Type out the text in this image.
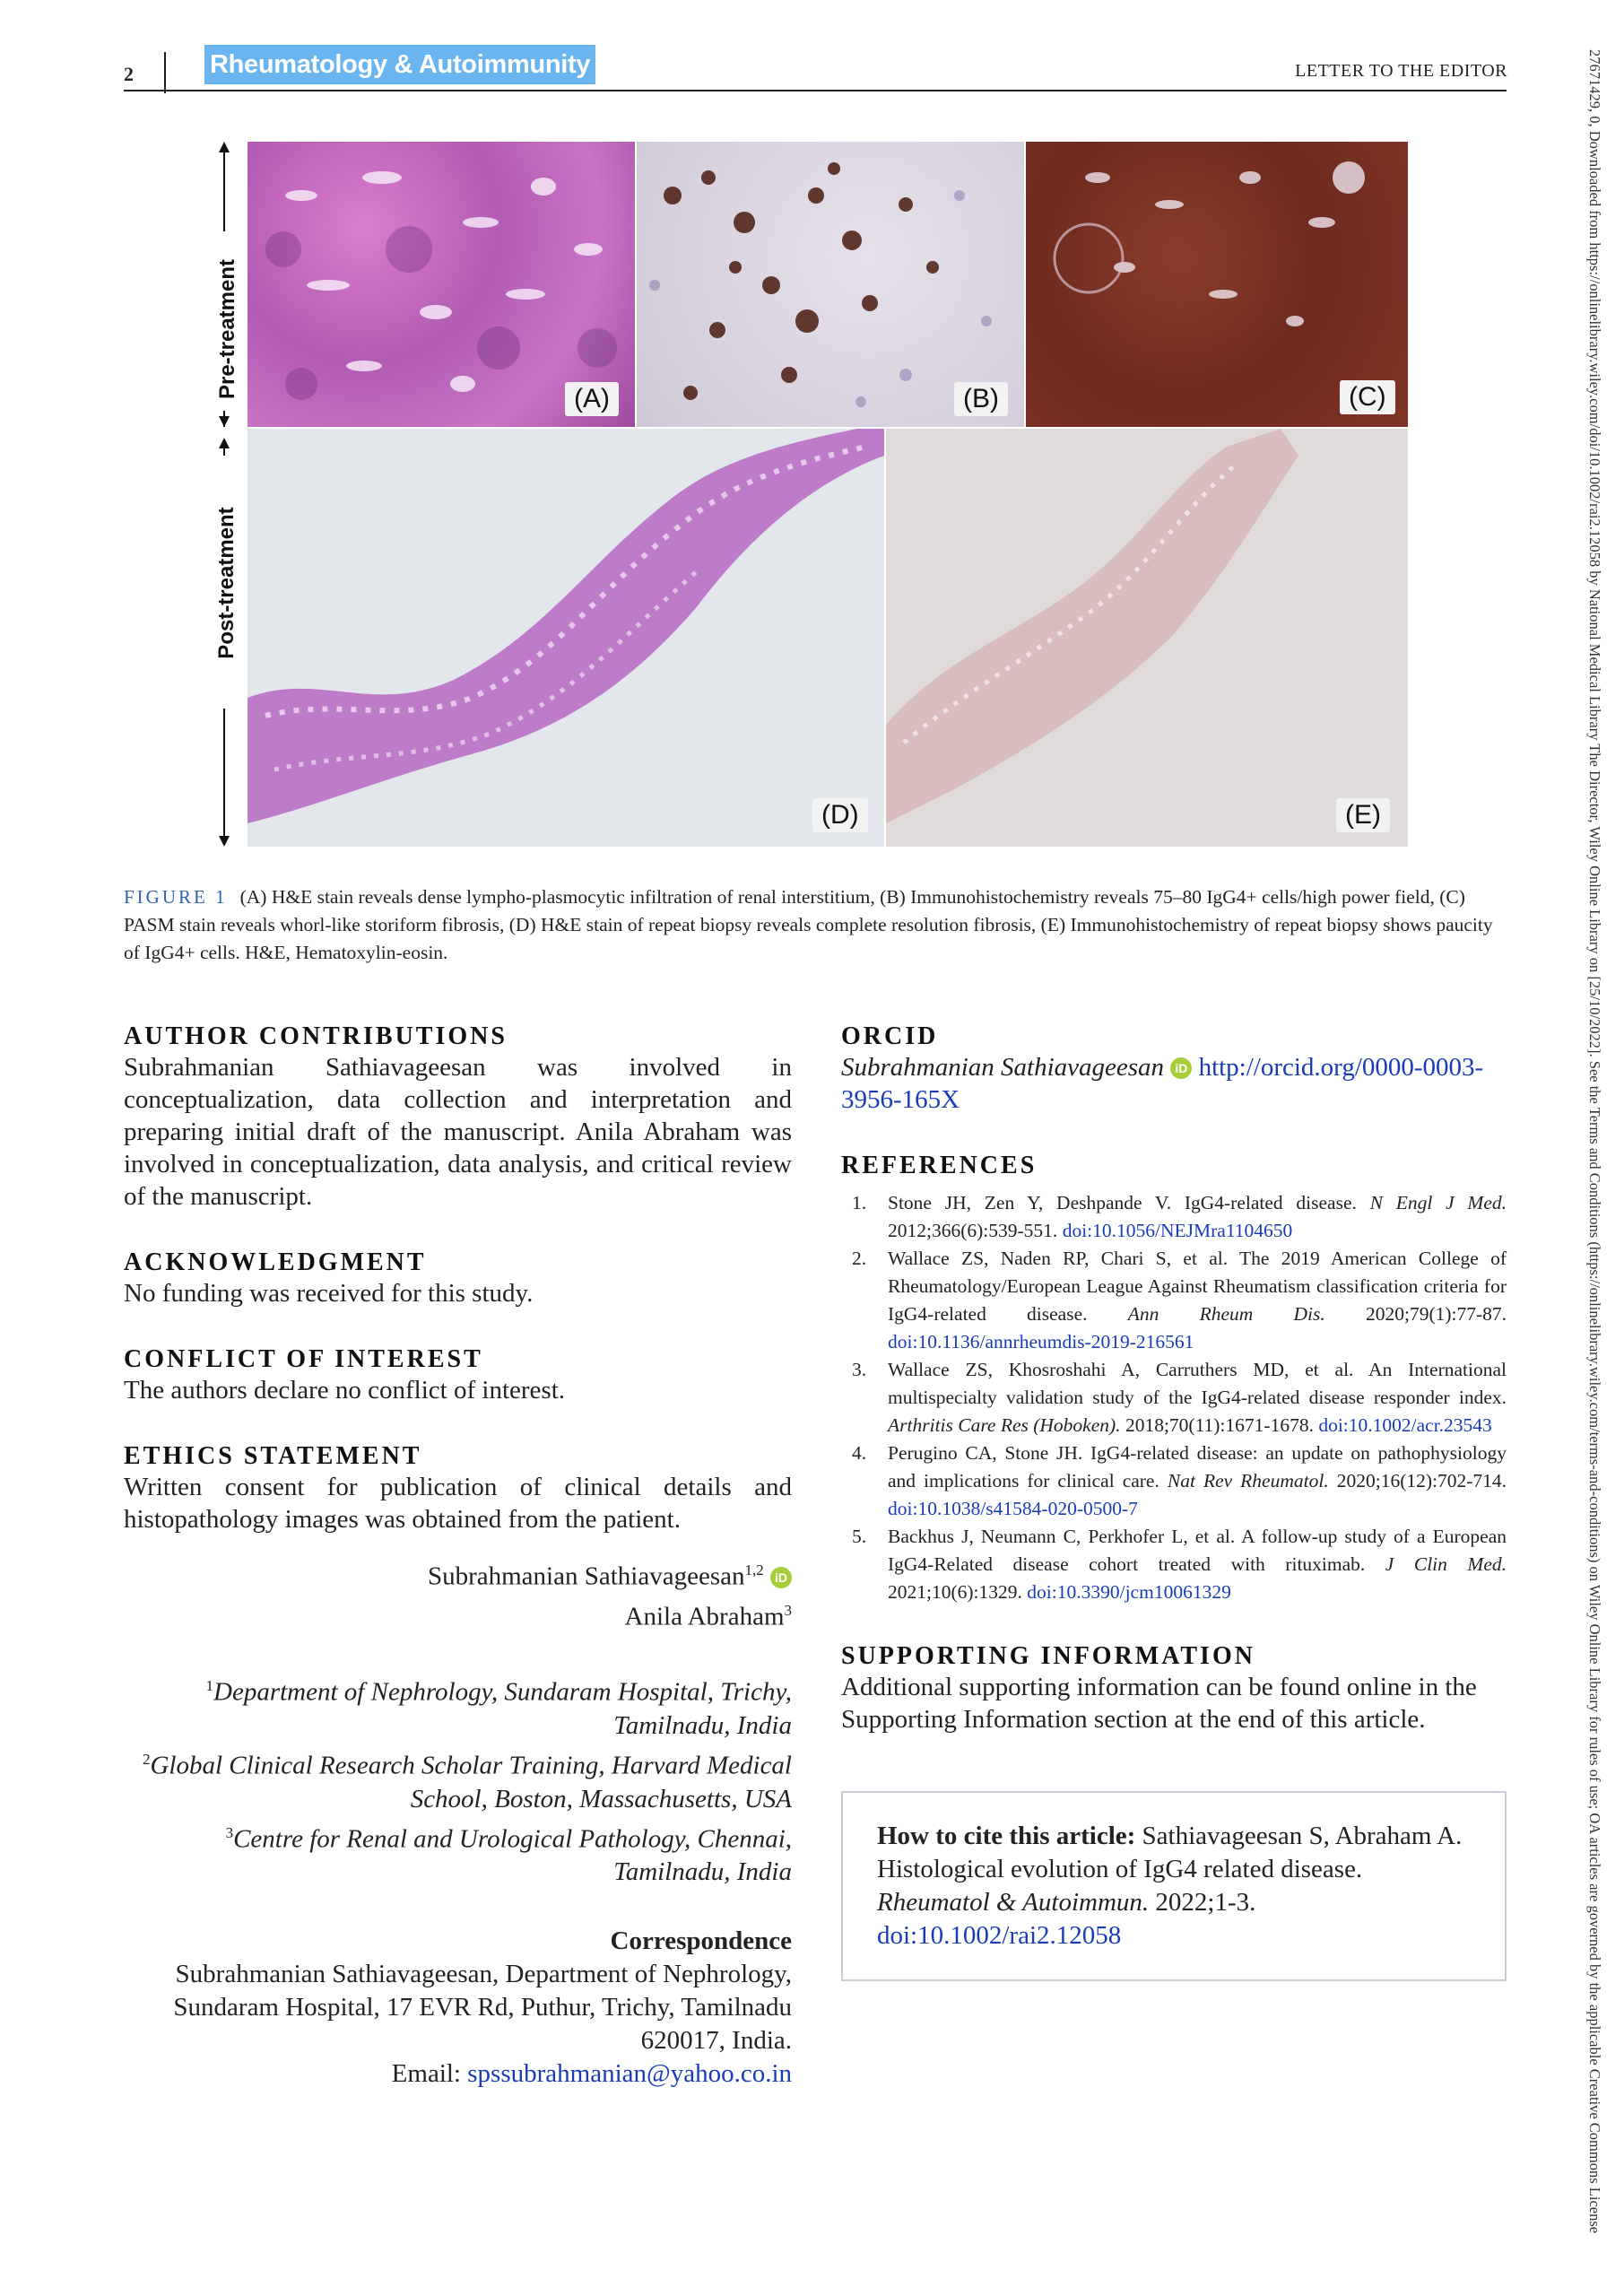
2	Rheumatology & Autoimmunity	LETTER TO THE EDITOR
Pre-treatment
Post-treatment
(A)	(B)	(C)
(D)	(E)
FIGURE 1 (A) H&E stain reveals dense lympho-plasmocytic infiltration of renal interstitium, (B) Immunohistochemistry reveals 75–80 IgG4+ cells/high power field, (C) PASM stain reveals whorl-like storiform fibrosis, (D) H&E stain of repeat biopsy reveals complete resolution fibrosis, (E) Immunohistochemistry of repeat biopsy shows paucity of IgG4+ cells. H&E, Hematoxylin-eosin.
AUTHOR CONTRIBUTIONS

Subrahmanian Sathiavageesan was involved in conceptualization, data collection and interpretation and preparing initial draft of the manuscript. Anila Abraham was involved in conceptualization, data analysis, and critical review of the manuscript.

ACKNOWLEDGMENT

No funding was received for this study.

CONFLICT OF INTEREST

The authors declare no conflict of interest.

ETHICS STATEMENT

Written consent for publication of clinical details and histopathology images was obtained from the patient.

Subrahmanian Sathiavageesan$^{1,2}$ iD
Anila Abraham$^3$
$^1$Department of Nephrology, Sundaram Hospital, Trichy, Tamilnadu, India
$^2$Global Clinical Research Scholar Training, Harvard Medical School, Boston, Massachusetts, USA
$^3$Centre for Renal and Urological Pathology, Chennai, Tamilnadu, India
Correspondence
Subrahmanian Sathiavageesan, Department of Nephrology, Sundaram Hospital, 17 EVR Rd, Puthur, Trichy, Tamilnadu 620017, India.
Email: spssubrahmanian@yahoo.co.in
ORCID

Subrahmanian Sathiavageesan iD http://orcid.org/0000-0003-3956-165X

REFERENCES
1. Stone JH, Zen Y, Deshpande V. IgG4-related disease. N Engl J Med. 2012;366(6):539-551. doi:10.1056/NEJMra1104650
2. Wallace ZS, Naden RP, Chari S, et al. The 2019 American College of Rheumatology/European League Against Rheumatism classification criteria for IgG4-related disease. Ann Rheum Dis. 2020;79(1):77-87. doi:10.1136/annrheumdis-2019-216561
3. Wallace ZS, Khosroshahi A, Carruthers MD, et al. An International multispecialty validation study of the IgG4-related disease responder index. Arthritis Care Res (Hoboken). 2018;70(11):1671-1678. doi:10.1002/acr.23543
4. Perugino CA, Stone JH. IgG4-related disease: an update on pathophysiology and implications for clinical care. Nat Rev Rheumatol. 2020;16(12):702-714. doi:10.1038/s41584-020-0500-7
5. Backhus J, Neumann C, Perkhofer L, et al. A follow-up study of a European IgG4-Related disease cohort treated with rituximab. J Clin Med. 2021;10(6):1329. doi:10.3390/jcm10061329
SUPPORTING INFORMATION

Additional supporting information can be found online in the Supporting Information section at the end of this article.

How to cite this article: Sathiavageesan S, Abraham A. Histological evolution of IgG4 related disease. Rheumatol & Autoimmun. 2022;1-3.
doi:10.1002/rai2.12058	27671429, 0, Downloaded from https://onlinelibrary.wiley.com/doi/10.1002/rai2.12058 by National Medical Library The Director, Wiley Online Library on [25/10/2022]. See the Terms and Conditions (https://onlinelibrary.wiley.com/terms-and-conditions) on Wiley Online Library for rules of use; OA articles are governed by the applicable Creative Commons License
